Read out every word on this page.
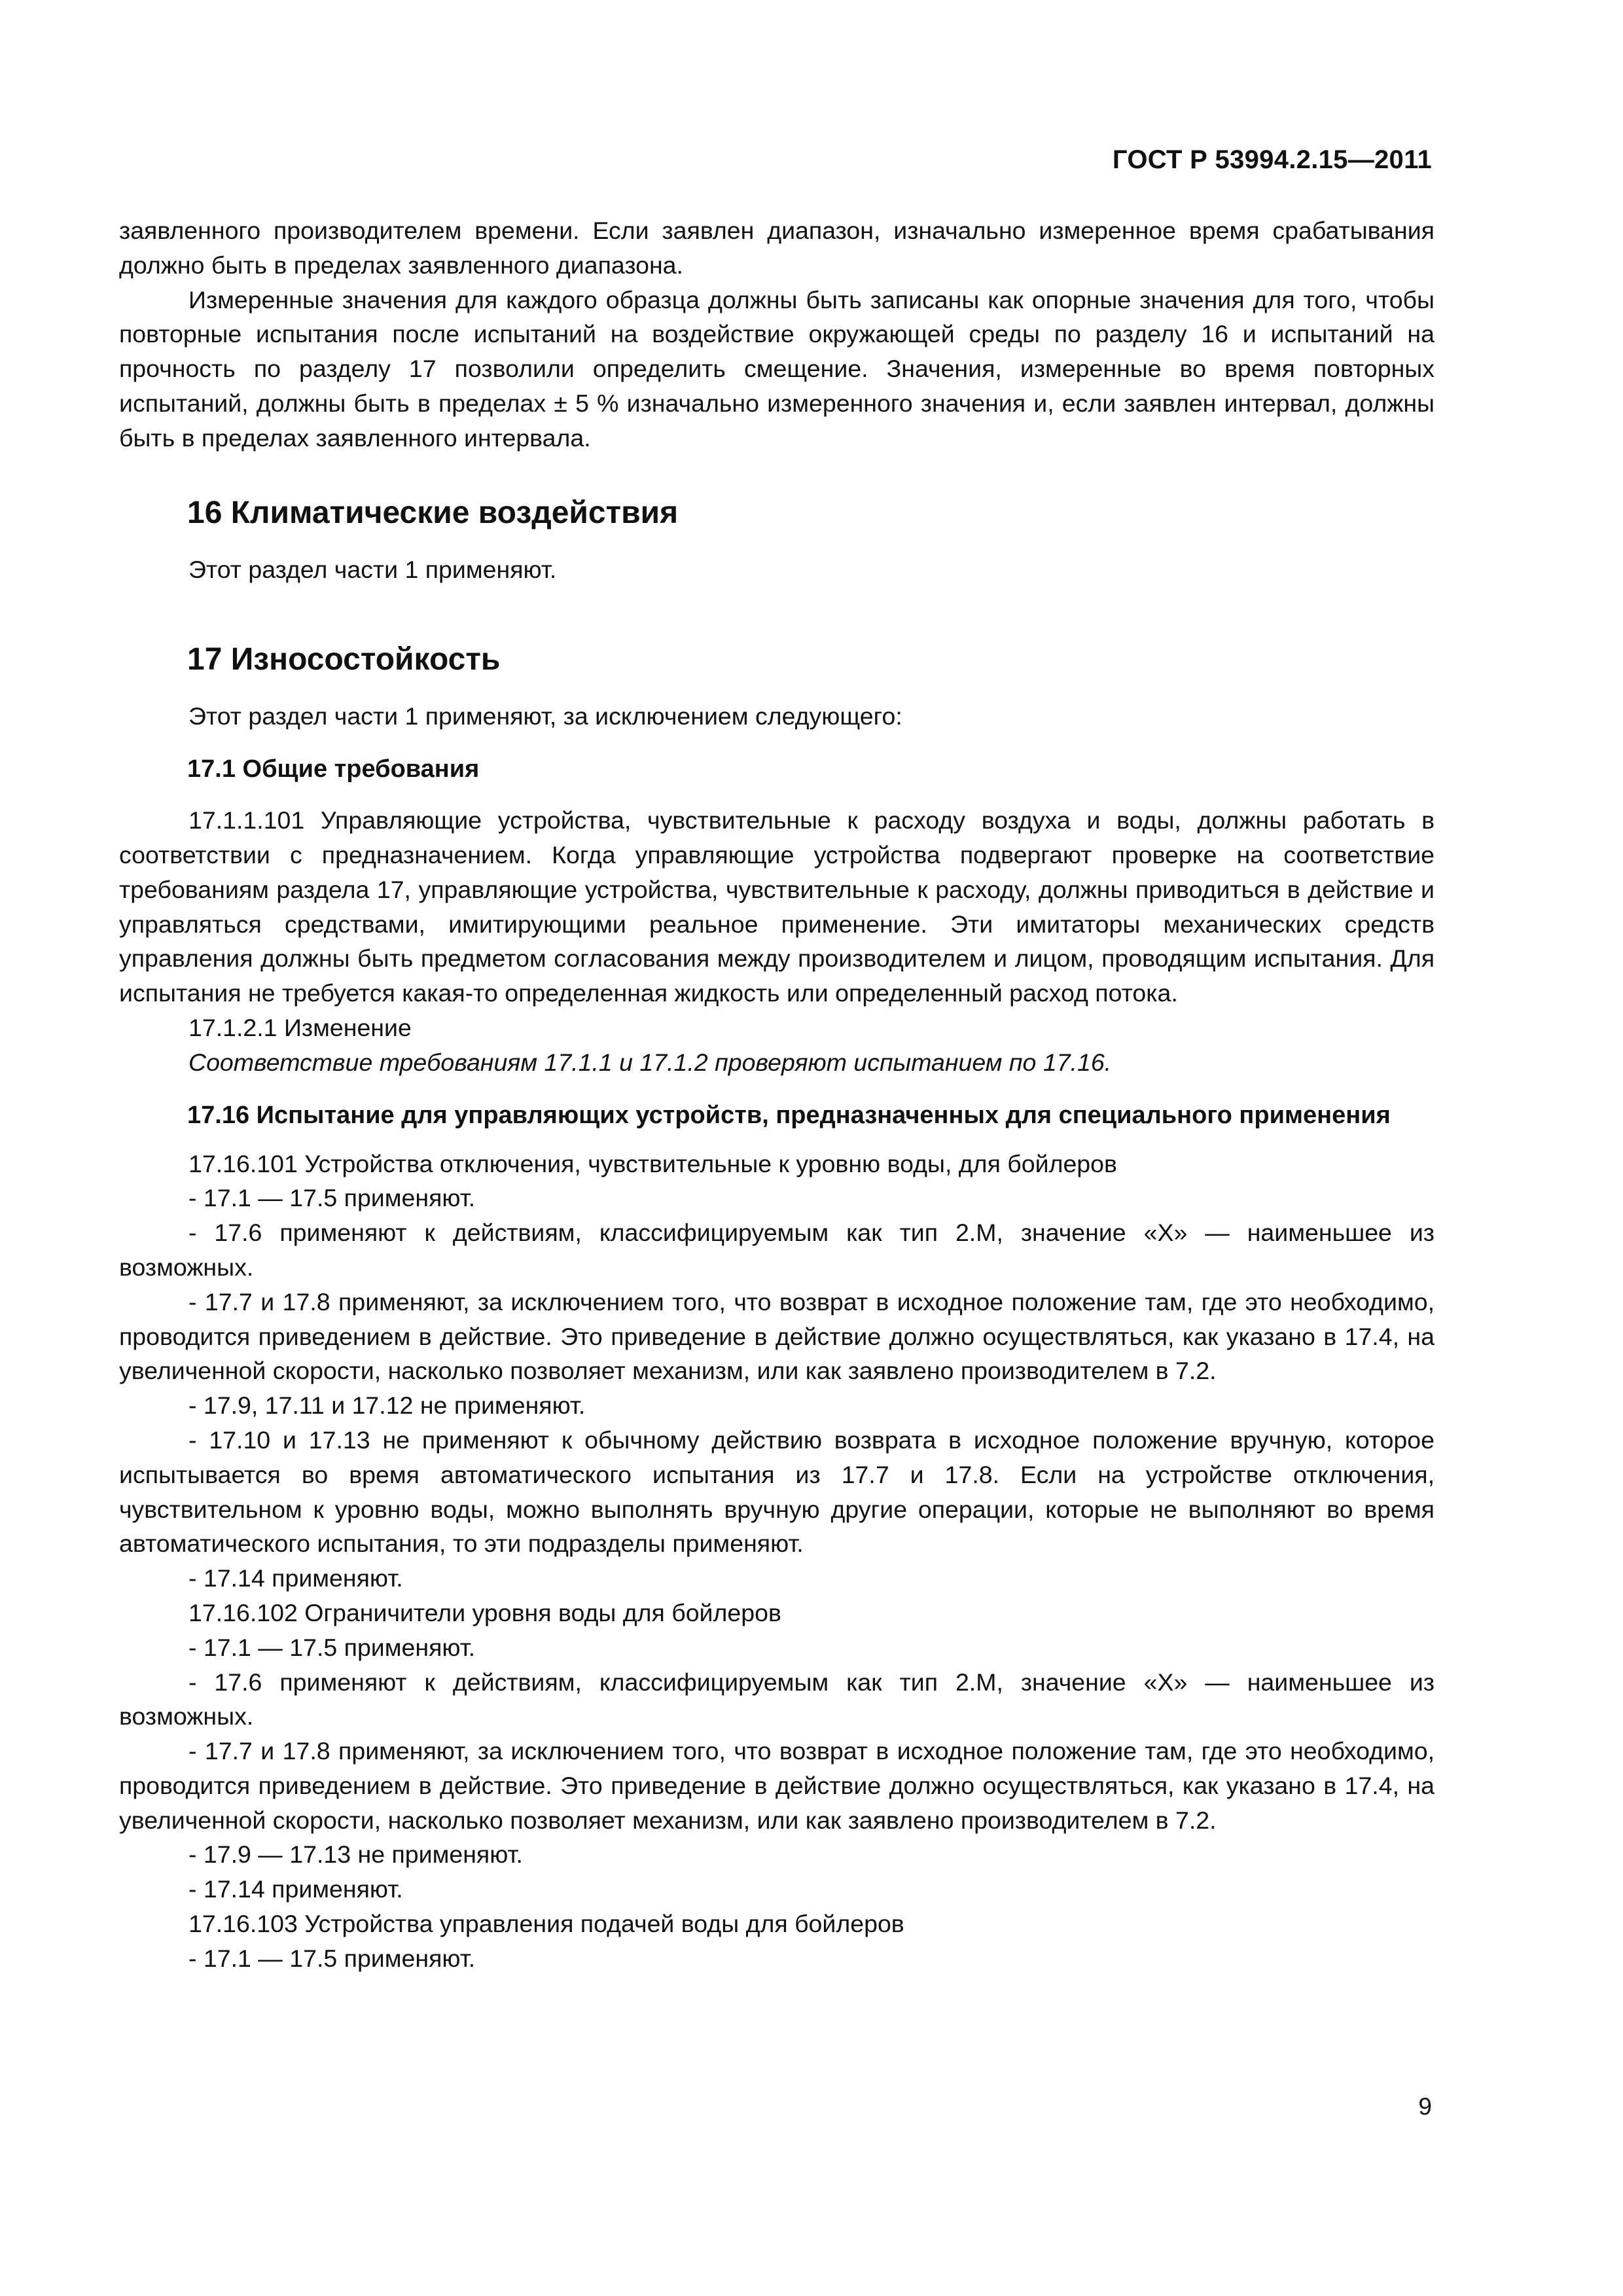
ГОСТ Р 53994.2.15—2011

заявленного производителем времени. Если заявлен диапазон, изначально измеренное время срабатывания должно быть в пределах заявленного диапазона.

Измеренные значения для каждого образца должны быть записаны как опорные значения для того, чтобы повторные испытания после испытаний на воздействие окружающей среды по разделу 16 и испытаний на прочность по разделу 17 позволили определить смещение. Значения, измеренные во время повторных испытаний, должны быть в пределах ± 5 % изначально измеренного значения и, если заявлен интервал, должны быть в пределах заявленного интервала.

16 Климатические воздействия

Этот раздел части 1 применяют.

17 Износостойкость

Этот раздел части 1 применяют, за исключением следующего:

17.1 Общие требования

17.1.1.101 Управляющие устройства, чувствительные к расходу воздуха и воды, должны работать в соответствии с предназначением. Когда управляющие устройства подвергают проверке на соответствие требованиям раздела 17, управляющие устройства, чувствительные к расходу, должны приводиться в действие и управляться средствами, имитирующими реальное применение. Эти имитаторы механических средств управления должны быть предметом согласования между производителем и лицом, проводящим испытания. Для испытания не требуется какая-то определенная жидкость или определенный расход потока.

17.1.2.1 Изменение

Соответствие требованиям 17.1.1 и 17.1.2 проверяют испытанием по 17.16.

17.16 Испытание для управляющих устройств, предназначенных для специального применения

17.16.101 Устройства отключения, чувствительные к уровню воды, для бойлеров

- 17.1 — 17.5 применяют.

- 17.6 применяют к действиям, классифицируемым как тип 2.М, значение «X» — наименьшее из возможных.

- 17.7 и 17.8 применяют, за исключением того, что возврат в исходное положение там, где это необходимо, проводится приведением в действие. Это приведение в действие должно осуществляться, как указано в 17.4, на увеличенной скорости, насколько позволяет механизм, или как заявлено производителем в 7.2.

- 17.9, 17.11 и 17.12 не применяют.

- 17.10 и 17.13 не применяют к обычному действию возврата в исходное положение вручную, которое испытывается во время автоматического испытания из 17.7 и 17.8. Если на устройстве отключения, чувствительном к уровню воды, можно выполнять вручную другие операции, которые не выполняют во время автоматического испытания, то эти подразделы применяют.

- 17.14 применяют.

17.16.102 Ограничители уровня воды для бойлеров

- 17.1 — 17.5 применяют.

- 17.6 применяют к действиям, классифицируемым как тип 2.М, значение «X» — наименьшее из возможных.

- 17.7 и 17.8 применяют, за исключением того, что возврат в исходное положение там, где это необходимо, проводится приведением в действие. Это приведение в действие должно осуществляться, как указано в 17.4, на увеличенной скорости, насколько позволяет механизм, или как заявлено производителем в 7.2.

- 17.9 — 17.13 не применяют.

- 17.14 применяют.

17.16.103 Устройства управления подачей воды для бойлеров

- 17.1 — 17.5 применяют.

9
